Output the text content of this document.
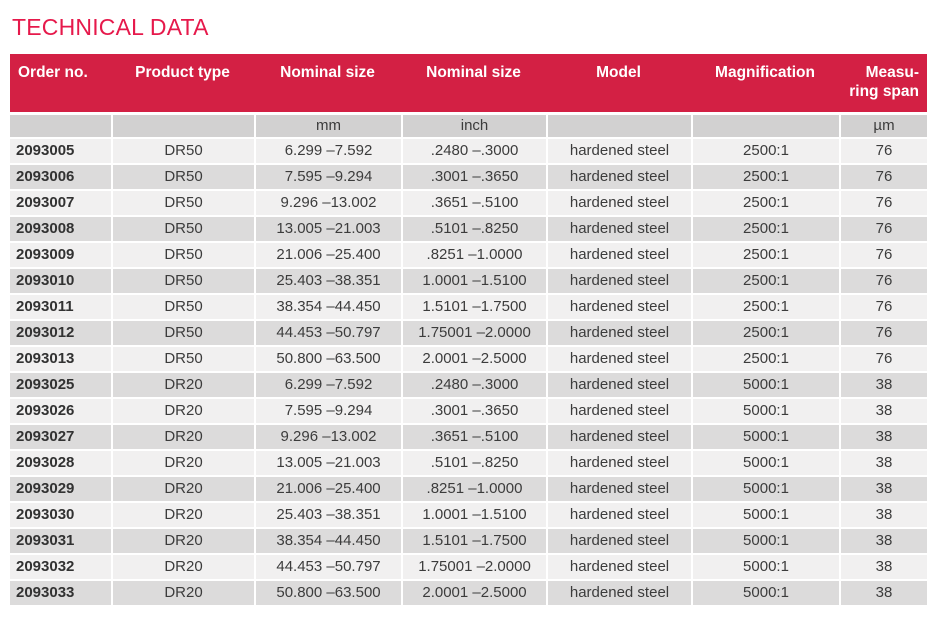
TECHNICAL DATA
Order no.	Product type	Nominal size	Nominal size	Model	Magnification	Measu-
ring span
		mm	inch			µm
2093005	DR50	6.299 –7.592	.2480 –.3000	hardened steel	2500:1	76
2093006	DR50	7.595 –9.294	.3001 –.3650	hardened steel	2500:1	76
2093007	DR50	9.296 –13.002	.3651 –.5100	hardened steel	2500:1	76
2093008	DR50	13.005 –21.003	.5101 –.8250	hardened steel	2500:1	76
2093009	DR50	21.006 –25.400	.8251 –1.0000	hardened steel	2500:1	76
2093010	DR50	25.403 –38.351	1.0001 –1.5100	hardened steel	2500:1	76
2093011	DR50	38.354 –44.450	1.5101 –1.7500	hardened steel	2500:1	76
2093012	DR50	44.453 –50.797	1.75001 –2.0000	hardened steel	2500:1	76
2093013	DR50	50.800 –63.500	2.0001 –2.5000	hardened steel	2500:1	76
2093025	DR20	6.299 –7.592	.2480 –.3000	hardened steel	5000:1	38
2093026	DR20	7.595 –9.294	.3001 –.3650	hardened steel	5000:1	38
2093027	DR20	9.296 –13.002	.3651 –.5100	hardened steel	5000:1	38
2093028	DR20	13.005 –21.003	.5101 –.8250	hardened steel	5000:1	38
2093029	DR20	21.006 –25.400	.8251 –1.0000	hardened steel	5000:1	38
2093030	DR20	25.403 –38.351	1.0001 –1.5100	hardened steel	5000:1	38
2093031	DR20	38.354 –44.450	1.5101 –1.7500	hardened steel	5000:1	38
2093032	DR20	44.453 –50.797	1.75001 –2.0000	hardened steel	5000:1	38
2093033	DR20	50.800 –63.500	2.0001 –2.5000	hardened steel	5000:1	38
